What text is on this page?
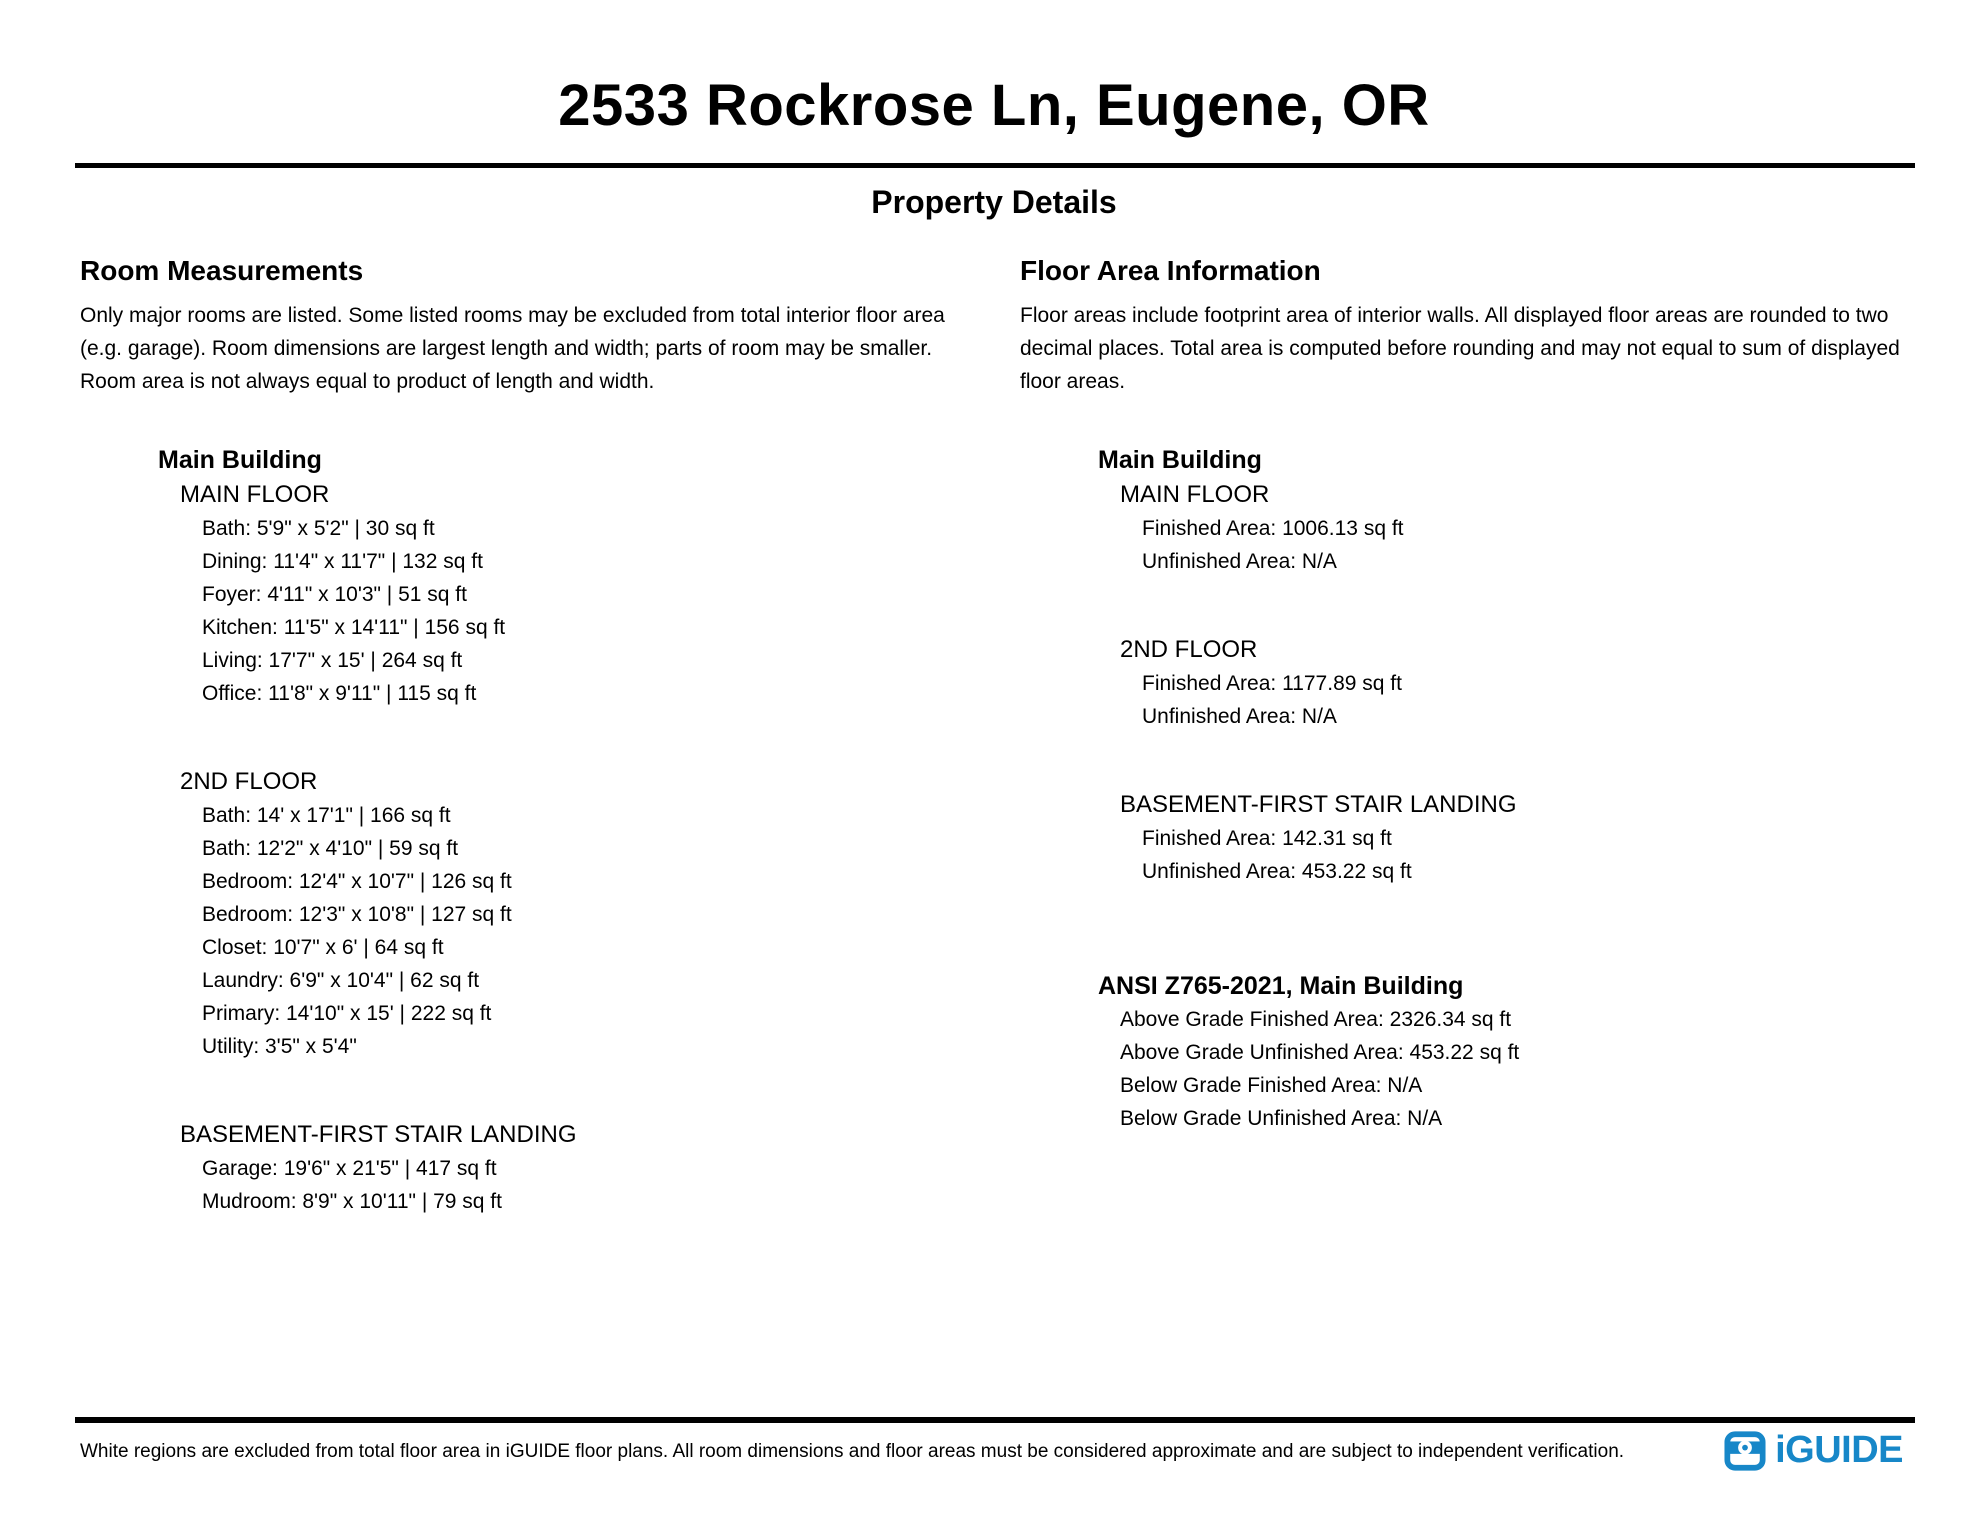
2533 Rockrose Ln, Eugene, OR
Property Details
Room Measurements
Only major rooms are listed. Some listed rooms may be excluded from total interior floor area
(e.g. garage). Room dimensions are largest length and width; parts of room may be smaller.
Room area is not always equal to product of length and width.
Main Building
MAIN FLOOR
Bath: 5'9" x 5'2" | 30 sq ft
Dining: 11'4" x 11'7" | 132 sq ft
Foyer: 4'11" x 10'3" | 51 sq ft
Kitchen: 11'5" x 14'11" | 156 sq ft
Living: 17'7" x 15' | 264 sq ft
Office: 11'8" x 9'11" | 115 sq ft
2ND FLOOR
Bath: 14' x 17'1" | 166 sq ft
Bath: 12'2" x 4'10" | 59 sq ft
Bedroom: 12'4" x 10'7" | 126 sq ft
Bedroom: 12'3" x 10'8" | 127 sq ft
Closet: 10'7" x 6' | 64 sq ft
Laundry: 6'9" x 10'4" | 62 sq ft
Primary: 14'10" x 15' | 222 sq ft
Utility: 3'5" x 5'4"
BASEMENT-FIRST STAIR LANDING
Garage: 19'6" x 21'5" | 417 sq ft
Mudroom: 8'9" x 10'11" | 79 sq ft
Floor Area Information
Floor areas include footprint area of interior walls. All displayed floor areas are rounded to two
decimal places. Total area is computed before rounding and may not equal to sum of displayed
floor areas.
Main Building
MAIN FLOOR
Finished Area: 1006.13 sq ft
Unfinished Area: N/A
2ND FLOOR
Finished Area: 1177.89 sq ft
Unfinished Area: N/A
BASEMENT-FIRST STAIR LANDING
Finished Area: 142.31 sq ft
Unfinished Area: 453.22 sq ft
ANSI Z765-2021, Main Building
Above Grade Finished Area: 2326.34 sq ft
Above Grade Unfinished Area: 453.22 sq ft
Below Grade Finished Area: N/A
Below Grade Unfinished Area: N/A

White regions are excluded from total floor area in iGUIDE floor plans. All room dimensions and floor areas must be considered approximate and are subject to independent verification.	iGUIDE
